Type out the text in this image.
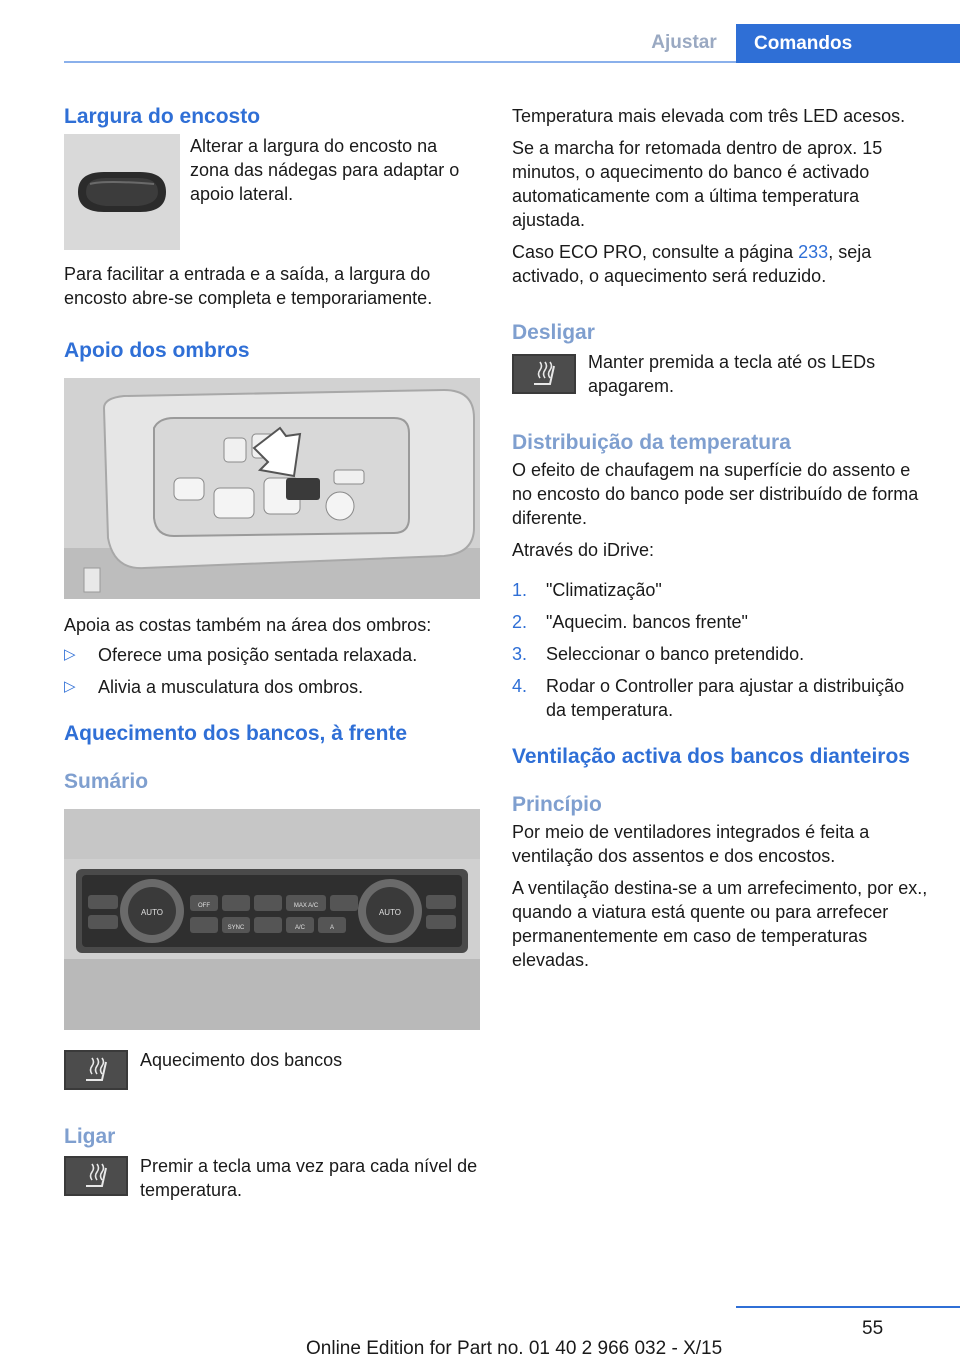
Ajustar	Comandos
Largura do encosto

Alterar a largura do encosto na zona das nádegas para adaptar o apoio lateral.

Para facilitar a entrada e a saída, a largura do encosto abre-se completa e temporariamente.

Apoio dos ombros

Apoia as costas também na área dos ombros:

▷ Oferece uma posição sentada relaxada.
▷ Alivia a musculatura dos ombros.
Aquecimento dos bancos, à frente
Sumário
AUTO	AUTO
OFF	MAX A/C
SYNC	A/C	A

Aquecimento dos bancos

Ligar

Premir a tecla uma vez para cada nível de temperatura.

Temperatura mais elevada com três LED acesos.

Se a marcha for retomada dentro de aprox. 15 minutos, o aquecimento do banco é activado automaticamente com a última temperatura ajustada.

Caso ECO PRO, consulte a página 233, seja activado, o aquecimento será reduzido.

Desligar

Manter premida a tecla até os LEDs apagarem.

Distribuição da temperatura

O efeito de chaufagem na superfície do assento e no encosto do banco pode ser distribuído de forma diferente.

Através do iDrive:

1. "Climatização"
2. "Aquecim. bancos frente"
3. Seleccionar o banco pretendido.
4. Rodar o Controller para ajustar a distribuição da temperatura.
Ventilação activa dos bancos dianteiros
Princípio

Por meio de ventiladores integrados é feita a ventilação dos assentos e dos encostos.

A ventilação destina-se a um arrefecimento, por ex., quando a viatura está quente ou para arrefecer permanentemente em caso de temperaturas elevadas.

55
Online Edition for Part no. 01 40 2 966 032 - X/15
